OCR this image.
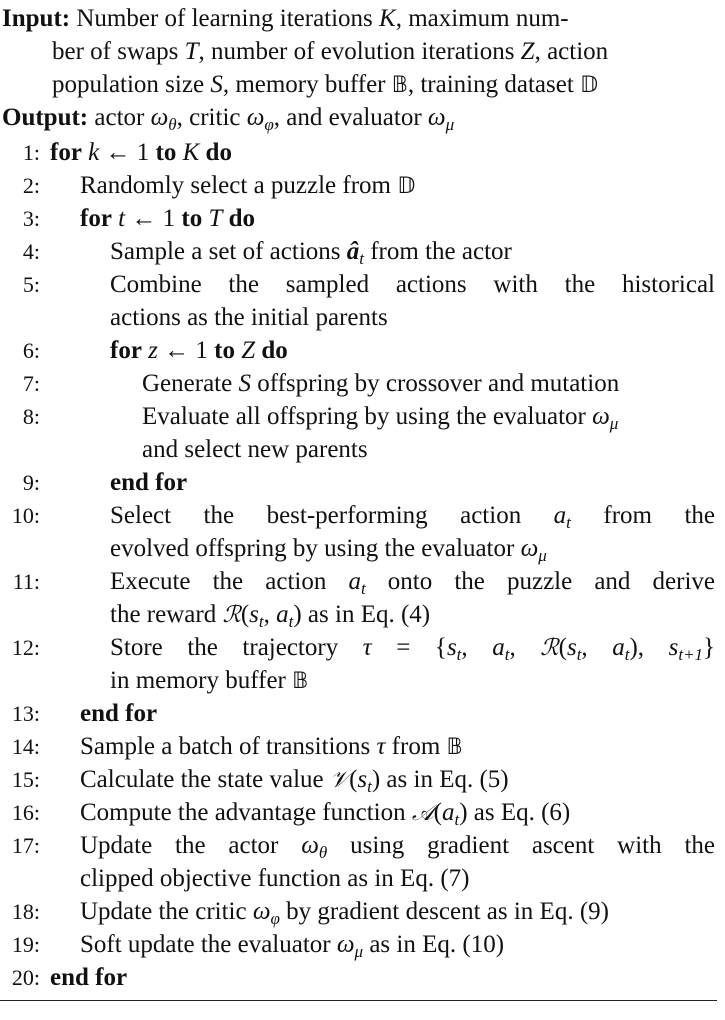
Input: Number of learning iterations K, maximum num-
ber of swaps T, number of evolution iterations Z, action
population size S, memory buffer 𝔹, training dataset 𝔻
Output: actor $\omega_\theta$, critic $\omega_\varphi$, and evaluator $\omega_\mu$
1: for k ← 1 to K do
2: Randomly select a puzzle from 𝔻
3: for t ← 1 to T do
4:	Sample a set of actions $â_t$ from the actor
5:	Combine the sampled actions with the historical
actions as the initial parents
6:	for z ← 1 to Z do
7:	Generate S offspring by crossover and mutation
8:	Evaluate all offspring by using the evaluator $\omega_\mu$
and select new parents
9:	end for
10:	Select the best-performing action $a_t$ from the
evolved offspring by using the evaluator $\omega_\mu$
11:	Execute the action $a_t$ onto the puzzle and derive
the reward $ℛ(s_t$, $a_t$) as in Eq. (4)
12:	Store the trajectory $\tau = \{s_t$, $a_t$, $ℛ(s_t$, $a_t$), $s_{t+1}$}
in memory buffer 𝔹
13: end for
14: Sample a batch of transitions τ from 𝔹
15: Calculate the state value $𝒱(s_t)$ as in Eq. (5)
16: Compute the advantage function $𝒜(a_t)$ as Eq. (6)
17: Update the actor $\omega_\theta$ using gradient ascent with the
clipped objective function as in Eq. (7)
18: Update the critic $\omega_\varphi$ by gradient descent as in Eq. (9)
19: Soft update the evaluator $\omega_\mu$ as in Eq. (10)
20: end for
